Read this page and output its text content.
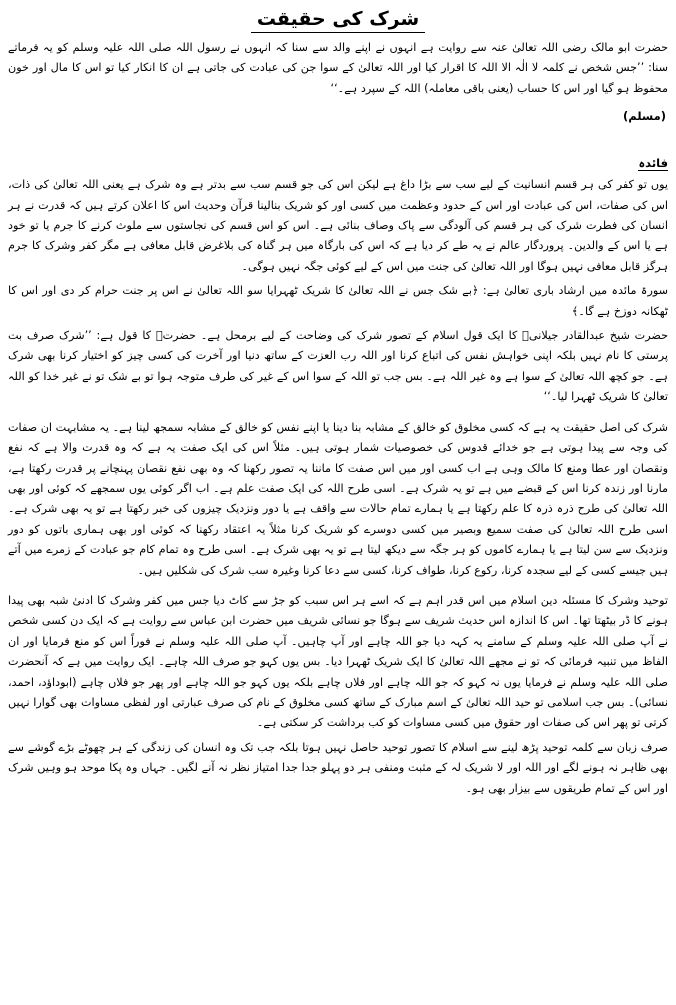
شرک کی حقیقت

حضرت ابو مالک رضی اللہ تعالیٰ عنہ سے روایت ہے انہوں نے اپنے والد سے سنا کہ انہوں نے رسول اللہ صلی اللہ علیہ وسلم کو یہ فرماتے سنا: ’’جس شخص نے کلمہ لا الٰہ الا اللہ کا اقرار کیا اور اللہ تعالیٰ کے سوا جن کی عبادت کی جاتی ہے ان کا انکار کیا تو اس کا مال اور خون محفوظ ہو گیا اور اس کا حساب (یعنی باقی معاملہ) اللہ کے سپرد ہے۔‘‘

(مسلم)
فائدہ

یوں تو کفر کی ہر قسم انسانیت کے لیے سب سے بڑا داغ ہے لیکن اس کی جو قسم سب سے بدتر ہے وہ شرک ہے یعنی اللہ تعالیٰ کی ذات، اس کی صفات، اس کی عبادت اور اس کے حدود وعظمت میں کسی اور کو شریک بنالینا قرآن وحدیث اس کا اعلان کرتے ہیں کہ قدرت نے ہر انسان کی فطرت شرک کی ہر قسم کی آلودگی سے پاک وصاف بنائی ہے۔ اس کو اس قسم کی نجاستوں سے ملوث کرنے کا جرم یا تو خود ہے یا اس کے والدین۔ پروردگار عالم نے یہ طے کر دیا ہے کہ اس کی بارگاہ میں ہر گناہ کی بلاغرض قابل معافی ہے مگر کفر وشرک کا جرم ہرگز قابل معافی نہیں ہوگا اور اللہ تعالیٰ کی جنت میں اس کے لیے کوئی جگہ نہیں ہوگی۔

سورۃ مائدہ میں ارشاد باری تعالیٰ ہے: ﴿بے شک جس نے اللہ تعالیٰ کا شریک ٹھہرایا سو اللہ تعالیٰ نے اس پر جنت حرام کر دی اور اس کا ٹھکانہ دوزخ ہے گا۔﴾

حضرت شیخ عبدالقادر جیلانیؒ کا ایک قول اسلام کے تصور شرک کی وضاحت کے لیے برمحل ہے۔ حضرتؒ کا قول ہے: ’’شرک صرف بت پرستی کا نام نہیں بلکہ اپنی خواہش نفس کی اتباع کرنا اور اللہ رب العزت کے ساتھ دنیا اور آخرت کی کسی چیز کو اختیار کرنا بھی شرک ہے۔ جو کچھ اللہ تعالیٰ کے سوا ہے وہ غیر اللہ ہے۔ بس جب تو اللہ کے سوا اس کے غیر کی طرف متوجہ ہوا تو بے شک تو نے غیر خدا کو اللہ تعالیٰ کا شریک ٹھہرا لیا۔‘‘

شرک کی اصل حقیقت یہ ہے کہ کسی مخلوق کو خالق کے مشابہ بنا دینا یا اپنے نفس کو خالق کے مشابہ سمجھ لینا ہے۔ یہ مشابہت ان صفات کی وجہ سے پیدا ہوتی ہے جو خدائے قدوس کی خصوصیات شمار ہوتی ہیں۔ مثلاً اس کی ایک صفت یہ ہے کہ وہ قدرت والا ہے کہ نفع ونقصان اور عطا ومنع کا مالک وہی ہے اب کسی اور میں اس صفت کا ماننا یہ تصور رکھنا کہ وہ بھی نفع نقصان پہنچانے پر قدرت رکھتا ہے، مارنا اور زندہ کرنا اس کے قبضے میں ہے تو یہ شرک ہے۔ اسی طرح اللہ کی ایک صفت علم ہے۔ اب اگر کوئی یوں سمجھے کہ کوئی اور بھی اللہ تعالیٰ کی طرح ذرہ ذرہ کا علم رکھتا ہے یا ہمارے تمام حالات سے واقف ہے یا دور ونزدیک چیزوں کی خبر رکھتا ہے تو یہ بھی شرک ہے۔ اسی طرح اللہ تعالیٰ کی صفت سمیع وبصیر میں کسی دوسرے کو شریک کرنا مثلاً یہ اعتقاد رکھنا کہ کوئی اور بھی ہماری باتوں کو دور ونزدیک سے سن لیتا ہے یا ہمارے کاموں کو ہر جگہ سے دیکھ لیتا ہے تو یہ بھی شرک ہے۔ اسی طرح وہ تمام کام جو عبادت کے زمرے میں آتے ہیں جیسے کسی کے لیے سجدہ کرنا، رکوع کرنا، طواف کرنا، کسی سے دعا کرنا وغیرہ سب شرک کی شکلیں ہیں۔

توحید وشرک کا مسئلہ دین اسلام میں اس قدر اہم ہے کہ اسے ہر اس سبب کو جڑ سے کاٹ دیا جس میں کفر وشرک کا ادنیٰ شبہ بھی پیدا ہونے کا ڈر بیٹھتا تھا۔ اس کا اندازہ اس حدیث شریف سے ہوگا جو نسائی شریف میں حضرت ابن عباس سے روایت ہے کہ ایک دن کسی شخص نے آپ صلی اللہ علیہ وسلم کے سامنے یہ کہہ دیا جو اللہ چاہے اور آپ چاہیں۔ آپ صلی اللہ علیہ وسلم نے فوراً اس کو منع فرمایا اور ان الفاظ میں تنبیہ فرمائی کہ تو نے مجھے اللہ تعالیٰ کا ایک شریک ٹھہرا دیا۔ بس یوں کہو جو صرف اللہ چاہے۔ ایک روایت میں ہے کہ آنحضرت صلی اللہ علیہ وسلم نے فرمایا یوں نہ کہو کہ جو اللہ چاہے اور فلاں چاہے بلکہ یوں کہو جو اللہ چاہے اور پھر جو فلاں چاہے (ابوداؤد، احمد، نسائی)۔ بس جب اسلامی تو حید اللہ تعالیٰ کے اسم مبارک کے ساتھ کسی مخلوق کے نام کی صرف عبارتی اور لفظی مساوات بھی گوارا نہیں کرتی تو پھر اس کی صفات اور حقوق میں کسی مساوات کو کب برداشت کر سکتی ہے۔

صرف زبان سے کلمہ توحید پڑھ لینے سے اسلام کا تصور توحید حاصل نہیں ہوتا بلکہ جب تک وہ انسان کی زندگی کے ہر چھوٹے بڑے گوشے سے بھی ظاہر نہ ہونے لگے اور اللہ اور لا شریک لہ کے مثبت ومنفی ہر دو پہلو جدا جدا امتیاز نظر نہ آنے لگیں۔ جہاں وہ پکا موحد ہو وہیں شرک اور اس کے تمام طریقوں سے بیزار بھی ہو۔
